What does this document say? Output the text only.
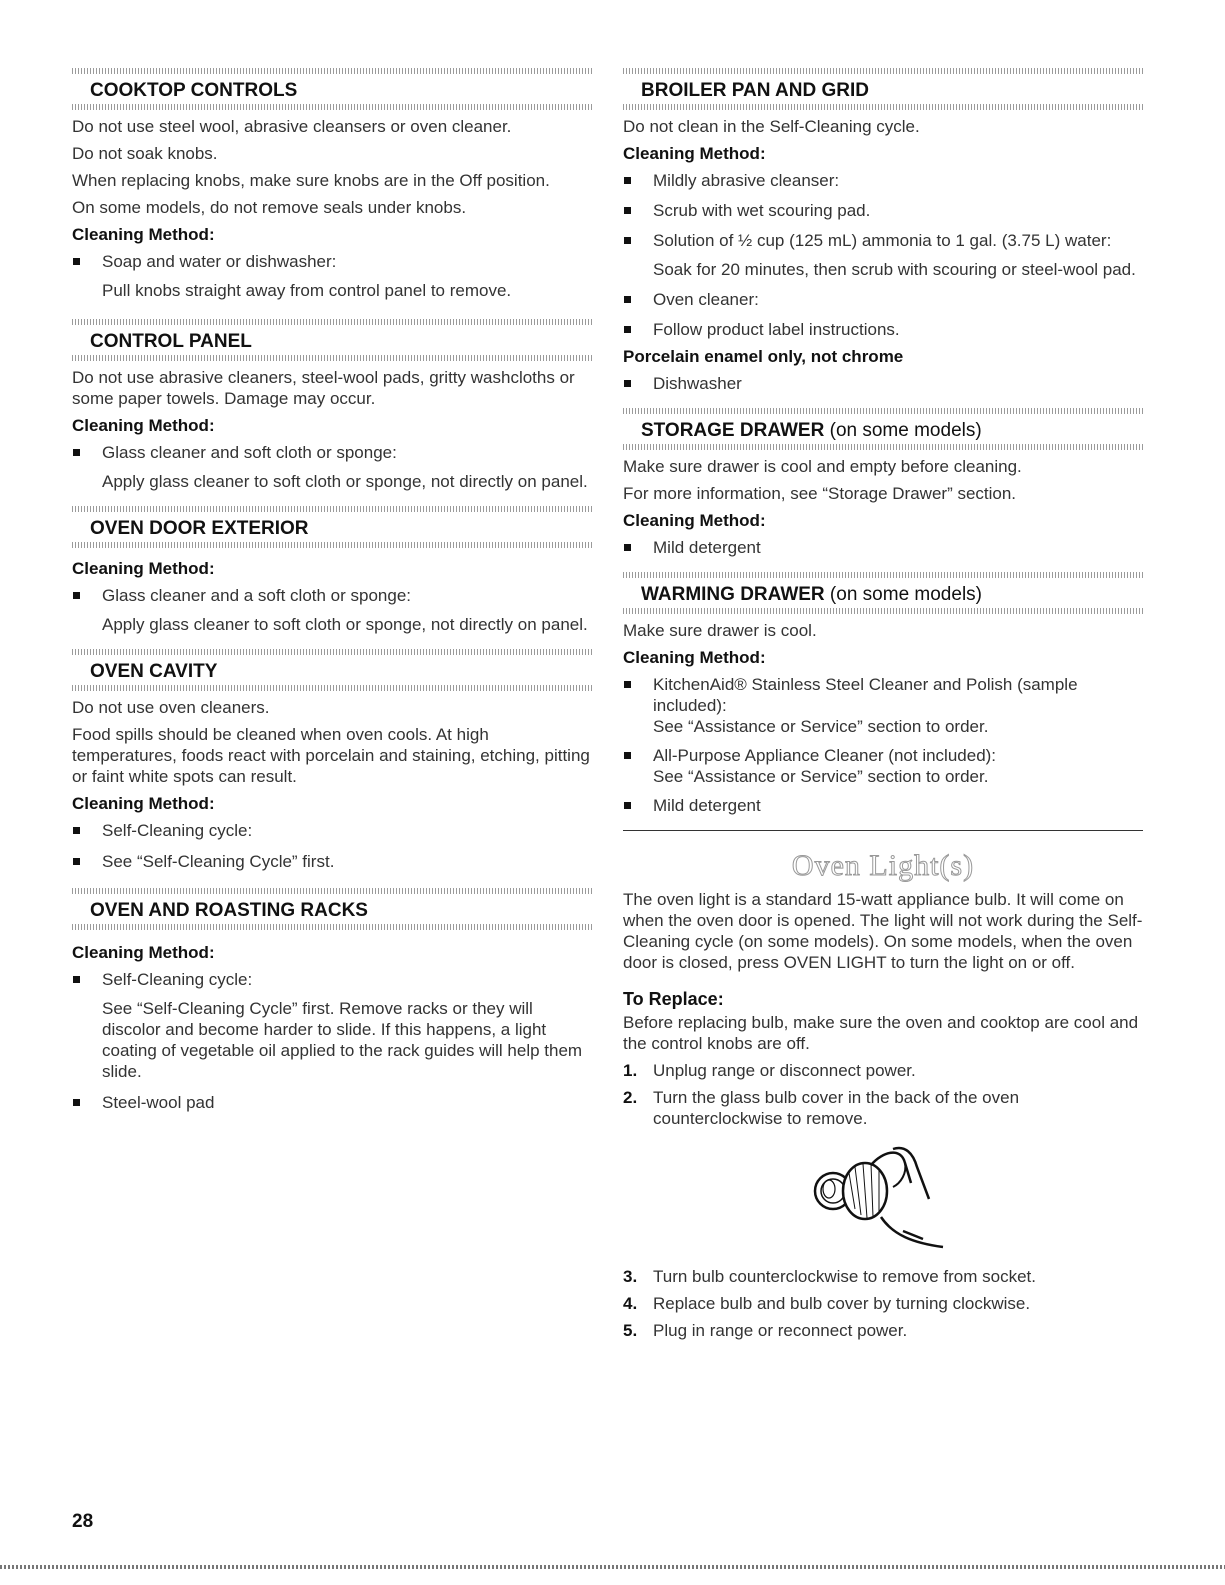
COOKTOP CONTROLS

Do not use steel wool, abrasive cleansers or oven cleaner.

Do not soak knobs.

When replacing knobs, make sure knobs are in the Off position.

On some models, do not remove seals under knobs.

Cleaning Method:

Soap and water or dishwasher:
Pull knobs straight away from control panel to remove.
CONTROL PANEL

Do not use abrasive cleaners, steel-wool pads, gritty washcloths or some paper towels. Damage may occur.

Cleaning Method:

Glass cleaner and soft cloth or sponge:
Apply glass cleaner to soft cloth or sponge, not directly on panel.
OVEN DOOR EXTERIOR

Cleaning Method:

Glass cleaner and a soft cloth or sponge:
Apply glass cleaner to soft cloth or sponge, not directly on panel.
OVEN CAVITY

Do not use oven cleaners.

Food spills should be cleaned when oven cools. At high temperatures, foods react with porcelain and staining, etching, pitting or faint white spots can result.

Cleaning Method:

Self-Cleaning cycle:
See “Self-Cleaning Cycle” first.
OVEN AND ROASTING RACKS

Cleaning Method:

Self-Cleaning cycle:
See “Self-Cleaning Cycle” first. Remove racks or they will discolor and become harder to slide. If this happens, a light coating of vegetable oil applied to the rack guides will help them slide.
Steel-wool pad
BROILER PAN AND GRID

Do not clean in the Self-Cleaning cycle.

Cleaning Method:

Mildly abrasive cleanser:
Scrub with wet scouring pad.
Solution of ½ cup (125 mL) ammonia to 1 gal. (3.75 L) water:
Soak for 20 minutes, then scrub with scouring or steel-wool pad.
Oven cleaner:
Follow product label instructions.

Porcelain enamel only, not chrome

Dishwasher
STORAGE DRAWER (on some models)

Make sure drawer is cool and empty before cleaning.

For more information, see “Storage Drawer” section.

Cleaning Method:

Mild detergent
WARMING DRAWER (on some models)

Make sure drawer is cool.

Cleaning Method:

KitchenAid® Stainless Steel Cleaner and Polish (sample included):
See “Assistance or Service” section to order.
All-Purpose Appliance Cleaner (not included):
See “Assistance or Service” section to order.
Mild detergent
Oven Light(s)

The oven light is a standard 15-watt appliance bulb. It will come on when the oven door is opened. The light will not work during the Self-Cleaning cycle (on some models). On some models, when the oven door is closed, press OVEN LIGHT to turn the light on or off.

To Replace:

Before replacing bulb, make sure the oven and cooktop are cool and the control knobs are off.

1. Unplug range or disconnect power.
2. Turn the glass bulb cover in the back of the oven counterclockwise to remove.
3. Turn bulb counterclockwise to remove from socket.
4. Replace bulb and bulb cover by turning clockwise.
5. Plug in range or reconnect power.
28
